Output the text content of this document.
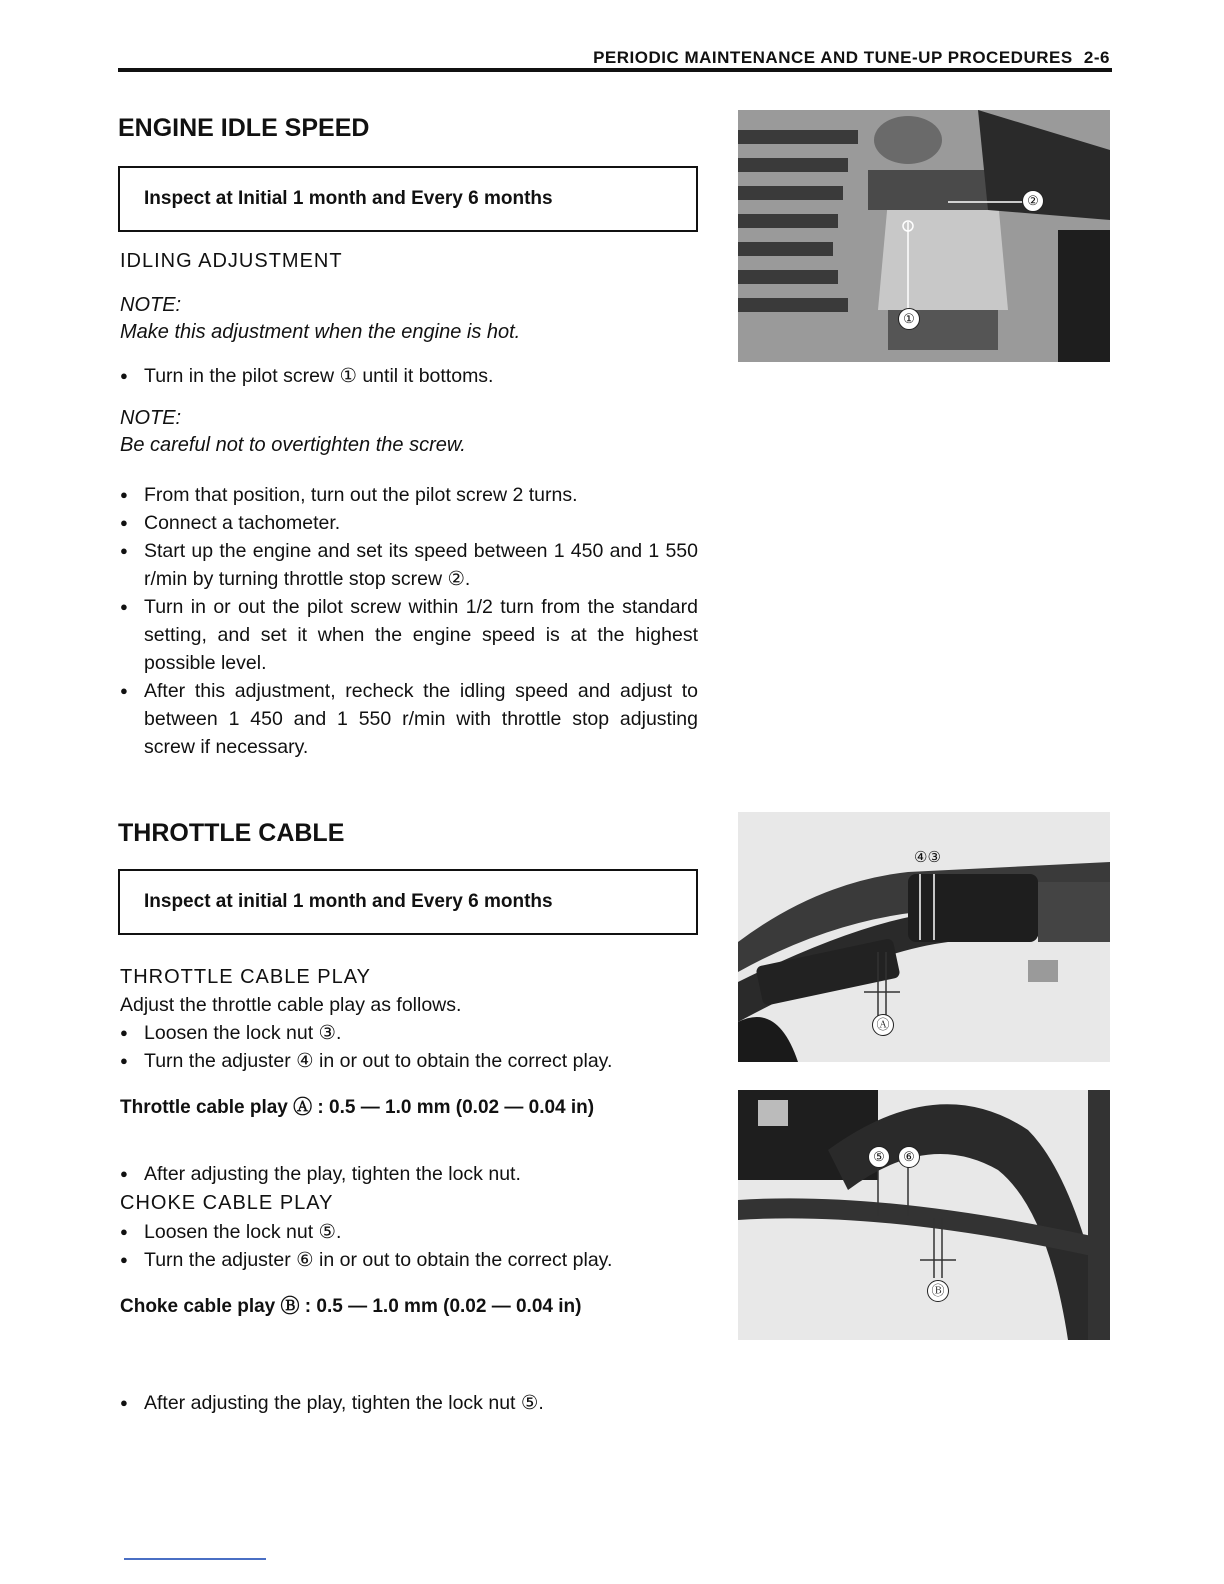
PERIODIC MAINTENANCE AND TUNE-UP PROCEDURES 2-6
ENGINE IDLE SPEED
Inspect at Initial 1 month and Every 6 months
IDLING ADJUSTMENT
NOTE:
Make this adjustment when the engine is hot.
● Turn in the pilot screw ① until it bottoms.
NOTE:
Be careful not to overtighten the screw.
● From that position, turn out the pilot screw 2 turns.
● Connect a tachometer.
● Start up the engine and set its speed between 1 450 and 1 550 r/min by turning throttle stop screw ②.
● Turn in or out the pilot screw within 1/2 turn from the standard setting, and set it when the engine speed is at the highest possible level.
● After this adjustment, recheck the idling speed and adjust to between 1 450 and 1 550 r/min with throttle stop adjusting screw if necessary.
①
②
THROTTLE CABLE
Inspect at initial 1 month and Every 6 months
THROTTLE CABLE PLAY
Adjust the throttle cable play as follows.
● Loosen the lock nut ③.
● Turn the adjuster ④ in or out to obtain the correct play.
Throttle cable play Ⓐ : 0.5 — 1.0 mm (0.02 — 0.04 in)
● After adjusting the play, tighten the lock nut.
CHOKE CABLE PLAY
● Loosen the lock nut ⑤.
● Turn the adjuster ⑥ in or out to obtain the correct play.
Choke cable play Ⓑ : 0.5 — 1.0 mm (0.02 — 0.04 in)
● After adjusting the play, tighten the lock nut ⑤.
④③
Ⓐ
⑤	⑥
Ⓑ
